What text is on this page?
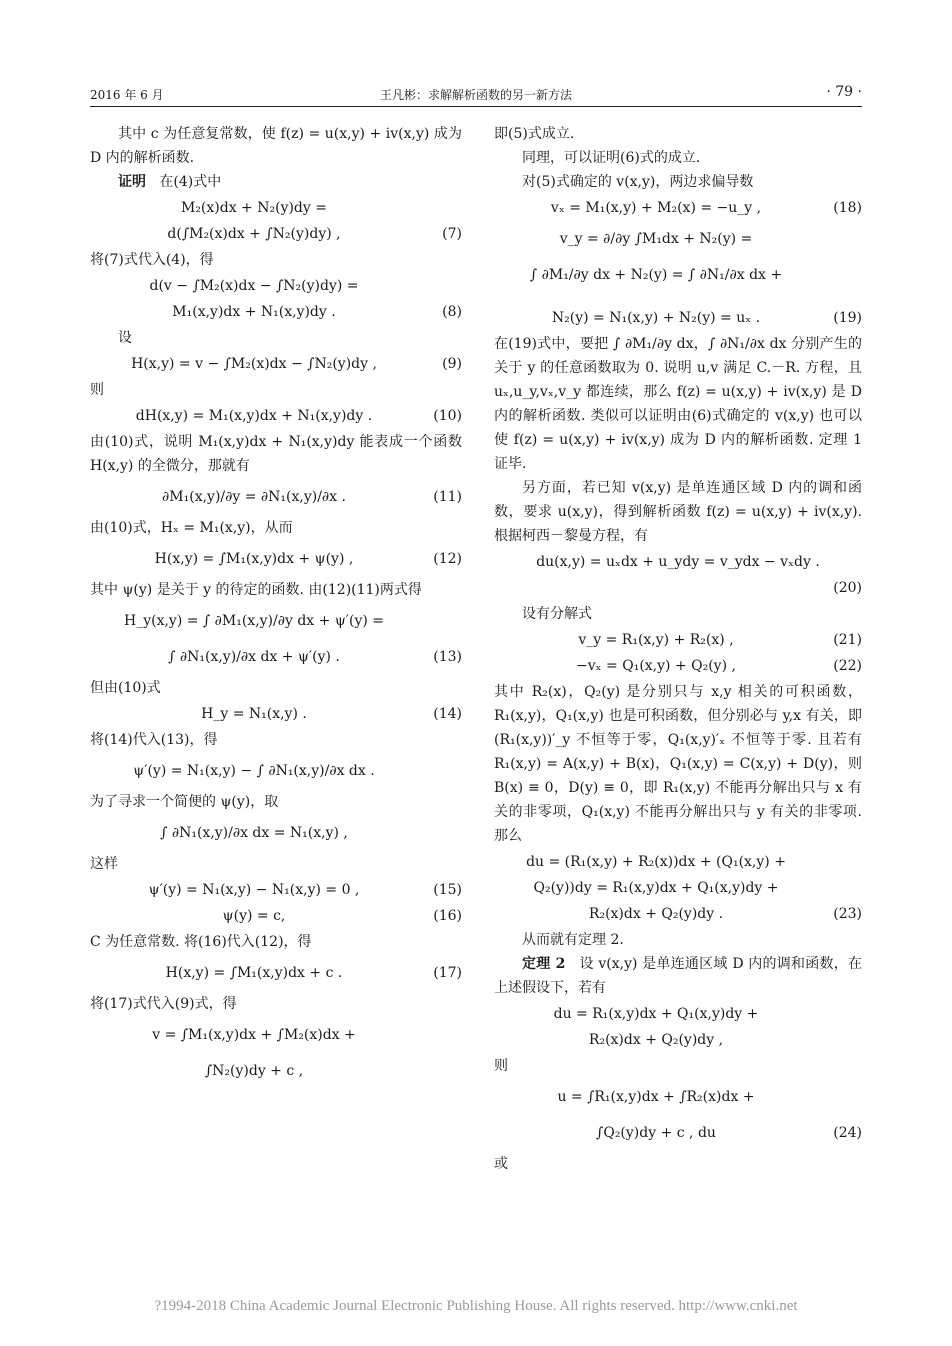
2016 年 6 月	王凡彬：求解解析函数的另一新方法	· 79 ·

其中 c 为任意复常数，使 f(z) = u(x,y) + iv(x,y) 成为 D 内的解析函数.

证明 在(4)式中

M₂(x)dx + N₂(y)dy =
d(∫M₂(x)dx + ∫N₂(y)dy) ,	(7)

将(7)式代入(4)，得

d(v − ∫M₂(x)dx − ∫N₂(y)dy) =
M₁(x,y)dx + N₁(x,y)dy .	(8)

设

H(x,y) = v − ∫M₂(x)dx − ∫N₂(y)dy ,	(9)

则

dH(x,y) = M₁(x,y)dx + N₁(x,y)dy .	(10)

由(10)式，说明 M₁(x,y)dx + N₁(x,y)dy 能表成一个函数 H(x,y) 的全微分，那就有

∂M₁(x,y)/∂y = ∂N₁(x,y)/∂x .	(11)

由(10)式，Hₓ = M₁(x,y)，从而

H(x,y) = ∫M₁(x,y)dx + ψ(y) ,	(12)

其中 ψ(y) 是关于 y 的待定的函数. 由(12)(11)两式得

H_y(x,y) = ∫ ∂M₁(x,y)/∂y dx + ψ′(y) =
∫ ∂N₁(x,y)/∂x dx + ψ′(y) .	(13)

但由(10)式

H_y = N₁(x,y) .	(14)

将(14)代入(13)，得

ψ′(y) = N₁(x,y) − ∫ ∂N₁(x,y)/∂x dx .

为了寻求一个简便的 ψ(y)，取

∫ ∂N₁(x,y)/∂x dx = N₁(x,y) ,

这样

ψ′(y) = N₁(x,y) − N₁(x,y) = 0 ,	(15)
ψ(y) = c,	(16)

C 为任意常数. 将(16)代入(12)，得

H(x,y) = ∫M₁(x,y)dx + c .	(17)

将(17)式代入(9)式，得

v = ∫M₁(x,y)dx + ∫M₂(x)dx +
∫N₂(y)dy + c ,

即(5)式成立.

同理，可以证明(6)式的成立.

对(5)式确定的 v(x,y)，两边求偏导数

vₓ = M₁(x,y) + M₂(x) = −u_y ,	(18)
v_y = ∂/∂y ∫M₁dx + N₂(y) =
∫ ∂M₁/∂y dx + N₂(y) = ∫ ∂N₁/∂x dx +
N₂(y) = N₁(x,y) + N₂(y) = uₓ .	(19)

在(19)式中，要把 ∫ ∂M₁/∂y dx，∫ ∂N₁/∂x dx 分别产生的关于 y 的任意函数取为 0. 说明 u,v 满足 C.－R. 方程，且 uₓ,u_y,vₓ,v_y 都连续，那么 f(z) = u(x,y) + iv(x,y) 是 D 内的解析函数. 类似可以证明由(6)式确定的 v(x,y) 也可以使 f(z) = u(x,y) + iv(x,y) 成为 D 内的解析函数. 定理 1 证毕.

另方面，若已知 v(x,y) 是单连通区域 D 内的调和函数，要求 u(x,y)，得到解析函数 f(z) = u(x,y) + iv(x,y). 根据柯西－黎曼方程，有

du(x,y) = uₓdx + u_ydy = v_ydx − vₓdy .
(20)

设有分解式

v_y = R₁(x,y) + R₂(x) ,	(21)
−vₓ = Q₁(x,y) + Q₂(y) ,	(22)

其中 R₂(x)，Q₂(y) 是分别只与 x,y 相关的可积函数，R₁(x,y)，Q₁(x,y) 也是可积函数，但分别必与 y,x 有关，即 (R₁(x,y))′_y 不恒等于零，Q₁(x,y)′ₓ 不恒等于零. 且若有 R₁(x,y) = A(x,y) + B(x)，Q₁(x,y) = C(x,y) + D(y)，则 B(x) ≡ 0，D(y) ≡ 0，即 R₁(x,y) 不能再分解出只与 x 有关的非零项，Q₁(x,y) 不能再分解出只与 y 有关的非零项. 那么

du = (R₁(x,y) + R₂(x))dx + (Q₁(x,y) +
Q₂(y))dy = R₁(x,y)dx + Q₁(x,y)dy +
R₂(x)dx + Q₂(y)dy .	(23)

从而就有定理 2.

定理 2 设 v(x,y) 是单连通区域 D 内的调和函数，在上述假设下，若有

du = R₁(x,y)dx + Q₁(x,y)dy +
R₂(x)dx + Q₂(y)dy ,

则

u = ∫R₁(x,y)dx + ∫R₂(x)dx +
∫Q₂(y)dy + c , du	(24)

或

?1994-2018 China Academic Journal Electronic Publishing House. All rights reserved. http://www.cnki.net
